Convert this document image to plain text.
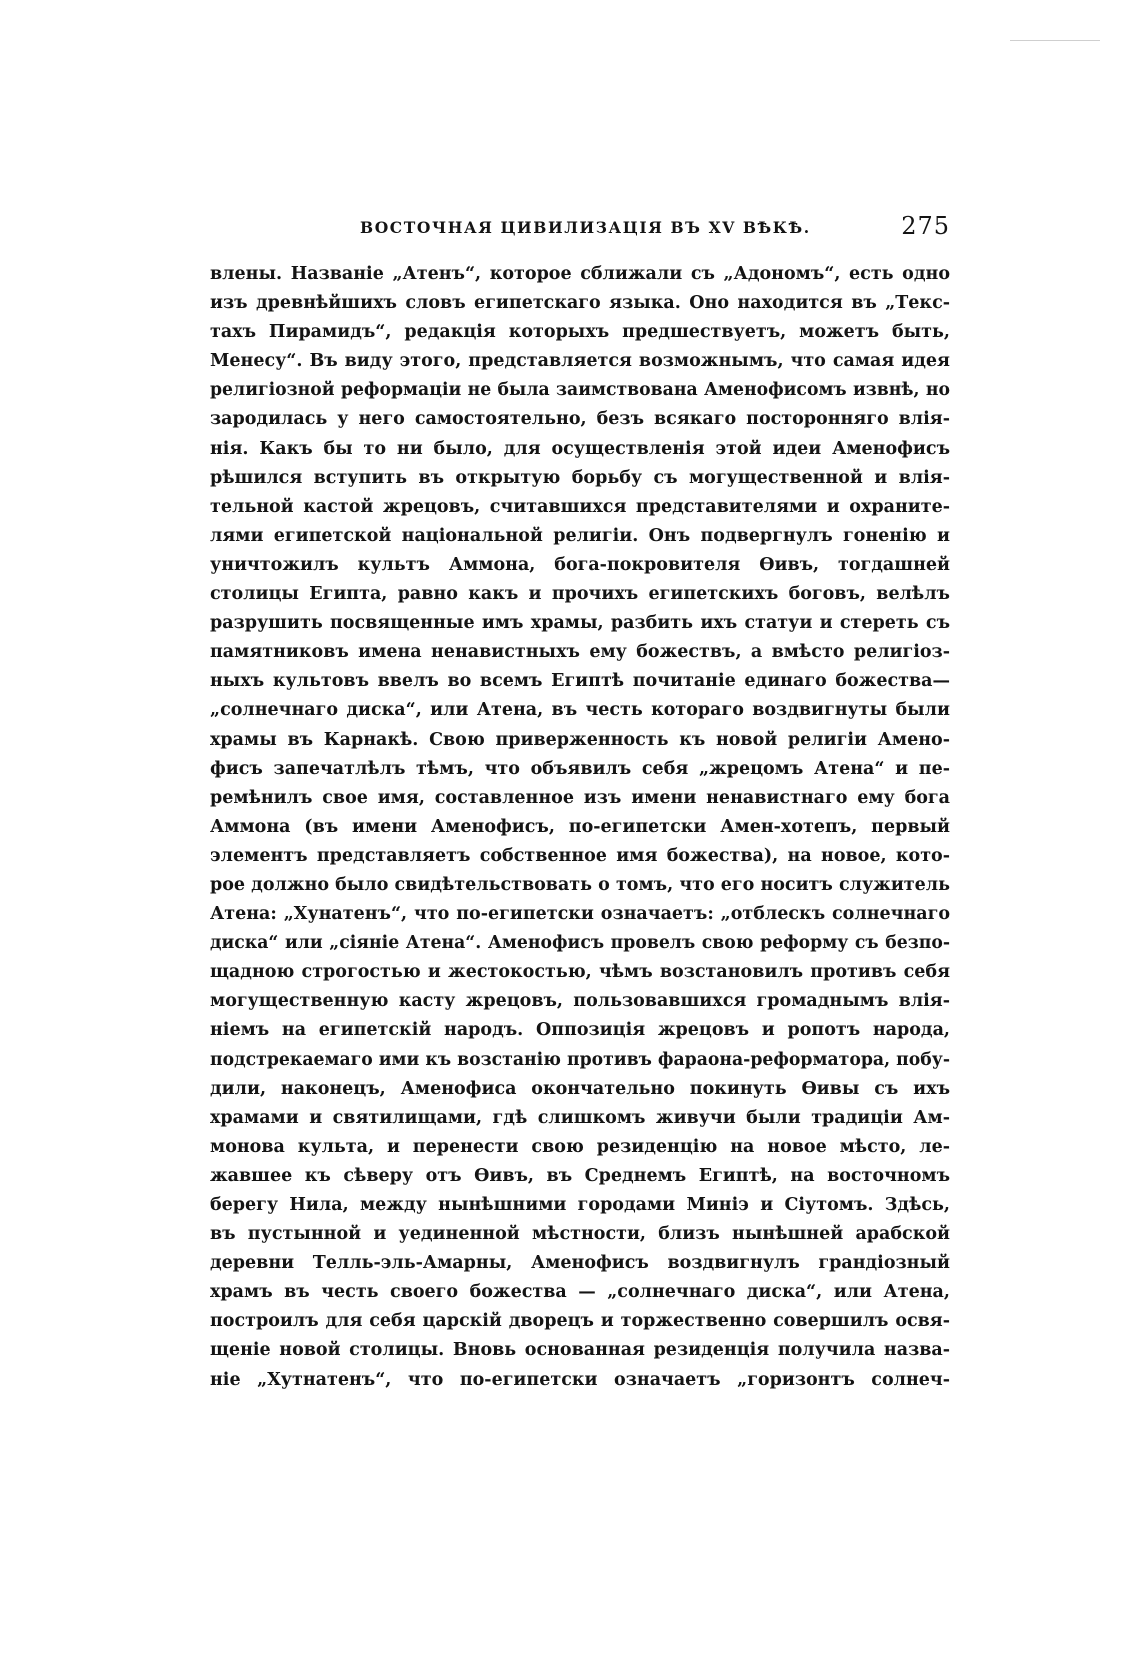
ВОСТОЧНАЯ ЦИВИЛИЗАЦІЯ ВЪ XV ВѢКѢ.	275
влены. Названіе „Атенъ“, которое сближали съ „Адономъ“, есть одно
изъ древнѣйшихъ словъ египетскаго языка. Оно находится въ „Текс-
тахъ Пирамидъ“, редакція которыхъ предшествуетъ, можетъ быть,
Менесу“. Въ виду этого, представляется возможнымъ, что самая идея
религіозной реформаціи не была заимствована Аменофисомъ извнѣ, но
зародилась у него самостоятельно, безъ всякаго посторонняго влія-
нія. Какъ бы то ни было, для осуществленія этой идеи Аменофисъ
рѣшился вступить въ открытую борьбу съ могущественной и влія-
тельной кастой жрецовъ, считавшихся представителями и охраните-
лями египетской національной религіи. Онъ подвергнулъ гоненію и
уничтожилъ культъ Аммона, бога-покровителя Өивъ, тогдашней
столицы Египта, равно какъ и прочихъ египетскихъ боговъ, велѣлъ
разрушить посвященные имъ храмы, разбить ихъ статуи и стереть съ
памятниковъ имена ненавистныхъ ему божествъ, а вмѣсто религіоз-
ныхъ культовъ ввелъ во всемъ Египтѣ почитаніе единаго божества—
„солнечнаго диска“, или Атена, въ честь котораго воздвигнуты были
храмы въ Карнакѣ. Свою приверженность къ новой религіи Амено-
фисъ запечатлѣлъ тѣмъ, что объявилъ себя „жрецомъ Атена“ и пе-
ремѣнилъ свое имя, составленное изъ имени ненавистнаго ему бога
Аммона (въ имени Аменофисъ, по-египетски Амен-хотепъ, первый
элементъ представляетъ собственное имя божества), на новое, кото-
рое должно было свидѣтельствовать о томъ, что его носитъ служитель
Атена: „Хунатенъ“, что по-египетски означаетъ: „отблескъ солнечнаго
диска“ или „сіяніе Атена“. Аменофисъ провелъ свою реформу съ безпо-
щадною строгостью и жестокостью, чѣмъ возстановилъ противъ себя
могущественную касту жрецовъ, пользовавшихся громаднымъ влія-
ніемъ на египетскій народъ. Оппозиція жрецовъ и ропотъ народа,
подстрекаемаго ими къ возстанію противъ фараона-реформатора, побу-
дили, наконецъ, Аменофиса окончательно покинуть Өивы съ ихъ
храмами и святилищами, гдѣ слишкомъ живучи были традиціи Ам-
монова культа, и перенести свою резиденцію на новое мѣсто, ле-
жавшее къ сѣверу отъ Өивъ, въ Среднемъ Египтѣ, на восточномъ
берегу Нила, между нынѣшними городами Миніэ и Сіутомъ. Здѣсь,
въ пустынной и уединенной мѣстности, близъ нынѣшней арабской
деревни Телль-эль-Амарны, Аменофисъ воздвигнулъ грандіозный
храмъ въ честь своего божества — „солнечнаго диска“, или Атена,
построилъ для себя царскій дворецъ и торжественно совершилъ освя-
щеніе новой столицы. Вновь основанная резиденція получила назва-
ніе „Хутнатенъ“, что по-египетски означаетъ „горизонтъ солнеч-
